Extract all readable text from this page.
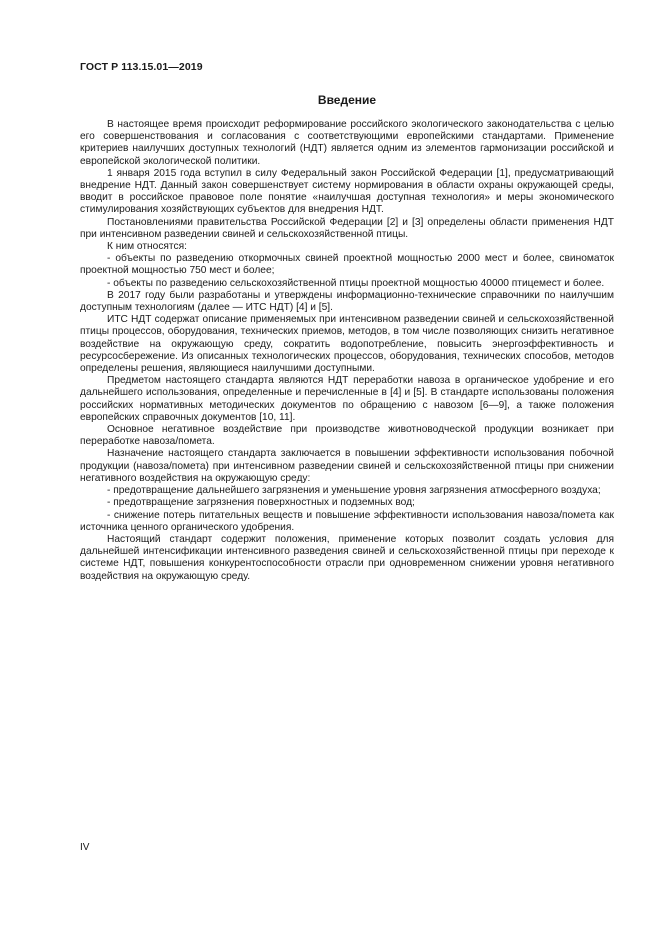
ГОСТ Р 113.15.01—2019
Введение

В настоящее время происходит реформирование российского экологического законодательства с целью его совершенствования и согласования с соответствующими европейскими стандартами. Применение критериев наилучших доступных технологий (НДТ) является одним из элементов гармонизации российской и европейской экологической политики.

1 января 2015 года вступил в силу Федеральный закон Российской Федерации [1], предусматривающий внедрение НДТ. Данный закон совершенствует систему нормирования в области охраны окружающей среды, вводит в российское правовое поле понятие «наилучшая доступная технология» и меры экономического стимулирования хозяйствующих субъектов для внедрения НДТ.

Постановлениями правительства Российской Федерации [2] и [3] определены области применения НДТ при интенсивном разведении свиней и сельскохозяйственной птицы.

К ним относятся:

- объекты по разведению откормочных свиней проектной мощностью 2000 мест и более, свиноматок проектной мощностью 750 мест и более;

- объекты по разведению сельскохозяйственной птицы проектной мощностью 40000 птицемест и более.

В 2017 году были разработаны и утверждены информационно-технические справочники по наилучшим доступным технологиям (далее — ИТС НДТ) [4] и [5].

ИТС НДТ содержат описание применяемых при интенсивном разведении свиней и сельскохозяйственной птицы процессов, оборудования, технических приемов, методов, в том числе позволяющих снизить негативное воздействие на окружающую среду, сократить водопотребление, повысить энергоэффективность и ресурсосбережение. Из описанных технологических процессов, оборудования, технических способов, методов определены решения, являющиеся наилучшими доступными.

Предметом настоящего стандарта являются НДТ переработки навоза в органическое удобрение и его дальнейшего использования, определенные и перечисленные в [4] и [5]. В стандарте использованы положения российских нормативных методических документов по обращению с навозом [6—9], а также положения европейских справочных документов [10, 11].

Основное негативное воздействие при производстве животноводческой продукции возникает при переработке навоза/помета.

Назначение настоящего стандарта заключается в повышении эффективности использования побочной продукции (навоза/помета) при интенсивном разведении свиней и сельскохозяйственной птицы при снижении негативного воздействия на окружающую среду:

- предотвращение дальнейшего загрязнения и уменьшение уровня загрязнения атмосферного воздуха;

- предотвращение загрязнения поверхностных и подземных вод;

- снижение потерь питательных веществ и повышение эффективности использования навоза/помета как источника ценного органического удобрения.

Настоящий стандарт содержит положения, применение которых позволит создать условия для дальнейшей интенсификации интенсивного разведения свиней и сельскохозяйственной птицы при переходе к системе НДТ, повышения конкурентоспособности отрасли при одновременном снижении уровня негативного воздействия на окружающую среду.

IV
